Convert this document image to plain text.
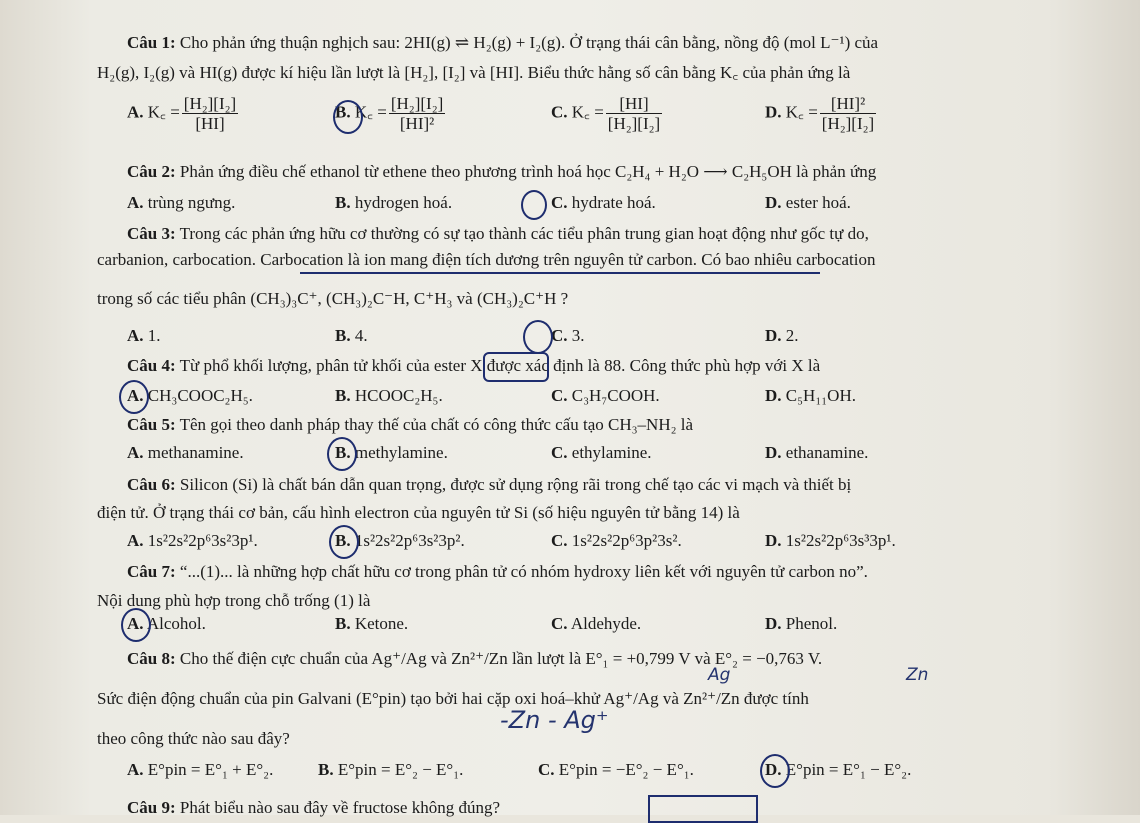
Câu 1: Cho phản ứng thuận nghịch sau: 2HI(g) ⇌ H₂(g) + I₂(g). Ở trạng thái cân bằng, nồng độ (mol L⁻¹) của
H₂(g), I₂(g) và HI(g) được kí hiệu lần lượt là [H₂], [I₂] và [HI]. Biểu thức hằng số cân bằng K꜀ của phản ứng là
A. K꜀ = $\frac{\text{[H₂][I₂]}}{[HI]}$	B. K꜀ = $\frac{\text{[H₂][I₂]}}{\text{[HI]²}}$	C. K꜀ = $\frac{[HI]}{\text{[H₂][I₂]}}$	D. K꜀ = $\frac{\text{[HI]²}}{\text{[H₂][I₂]}}$
Câu 2: Phản ứng điều chế ethanol từ ethene theo phương trình hoá học C₂H₄ + H₂O ⟶ C₂H₅OH là phản ứng
A. trùng ngưng.	B. hydrogen hoá.	C. hydrate hoá.	D. ester hoá.
Câu 3: Trong các phản ứng hữu cơ thường có sự tạo thành các tiểu phân trung gian hoạt động như gốc tự do,
carbanion, carbocation. Carbocation là ion mang điện tích dương trên nguyên tử carbon. Có bao nhiêu carbocation
trong số các tiểu phân (CH₃)₃C⁺, (CH₃)₂C⁻H, C⁺H₃ và (CH₃)₂C⁺H ?
A. 1.	B. 4.	C. 3.	D. 2.
Câu 4: Từ phổ khối lượng, phân tử khối của ester X được xác định là 88. Công thức phù hợp với X là
A. CH₃COOC₂H₅.	B. HCOOC₂H₅.	C. C₃H₇COOH.	D. C₅H₁₁OH.
Câu 5: Tên gọi theo danh pháp thay thế của chất có công thức cấu tạo CH₃–NH₂ là
A. methanamine.	B. methylamine.	C. ethylamine.	D. ethanamine.
Câu 6: Silicon (Si) là chất bán dẫn quan trọng, được sử dụng rộng rãi trong chế tạo các vi mạch và thiết bị
điện tử. Ở trạng thái cơ bản, cấu hình electron của nguyên tử Si (số hiệu nguyên tử bằng 14) là
A. 1s²2s²2p⁶3s²3p¹.	B. 1s²2s²2p⁶3s²3p².	C. 1s²2s²2p⁶3p²3s².	D. 1s²2s²2p⁶3s³3p¹.
Câu 7: “...(1)... là những hợp chất hữu cơ trong phân tử có nhóm hydroxy liên kết với nguyên tử carbon no”.
Nội dung phù hợp trong chỗ trống (1) là
A. Alcohol.	B. Ketone.	C. Aldehyde.	D. Phenol.
Câu 8: Cho thế điện cực chuẩn của Ag⁺/Ag và Zn²⁺/Zn lần lượt là E°₁ = +0,799 V và E°₂ = −0,763 V.
Sức điện động chuẩn của pin Galvani (E°pin) tạo bởi hai cặp oxi hoá–khử Ag⁺/Ag và Zn²⁺/Zn được tính
theo công thức nào sau đây?
A. E°pin = E°₁ + E°₂.	B. E°pin = E°₂ − E°₁.	C. E°pin = −E°₂ − E°₁.	D. E°pin = E°₁ − E°₂.
Câu 9: Phát biểu nào sau đây về fructose không đúng?
Ag	Zn
-Zn - Ag⁺
